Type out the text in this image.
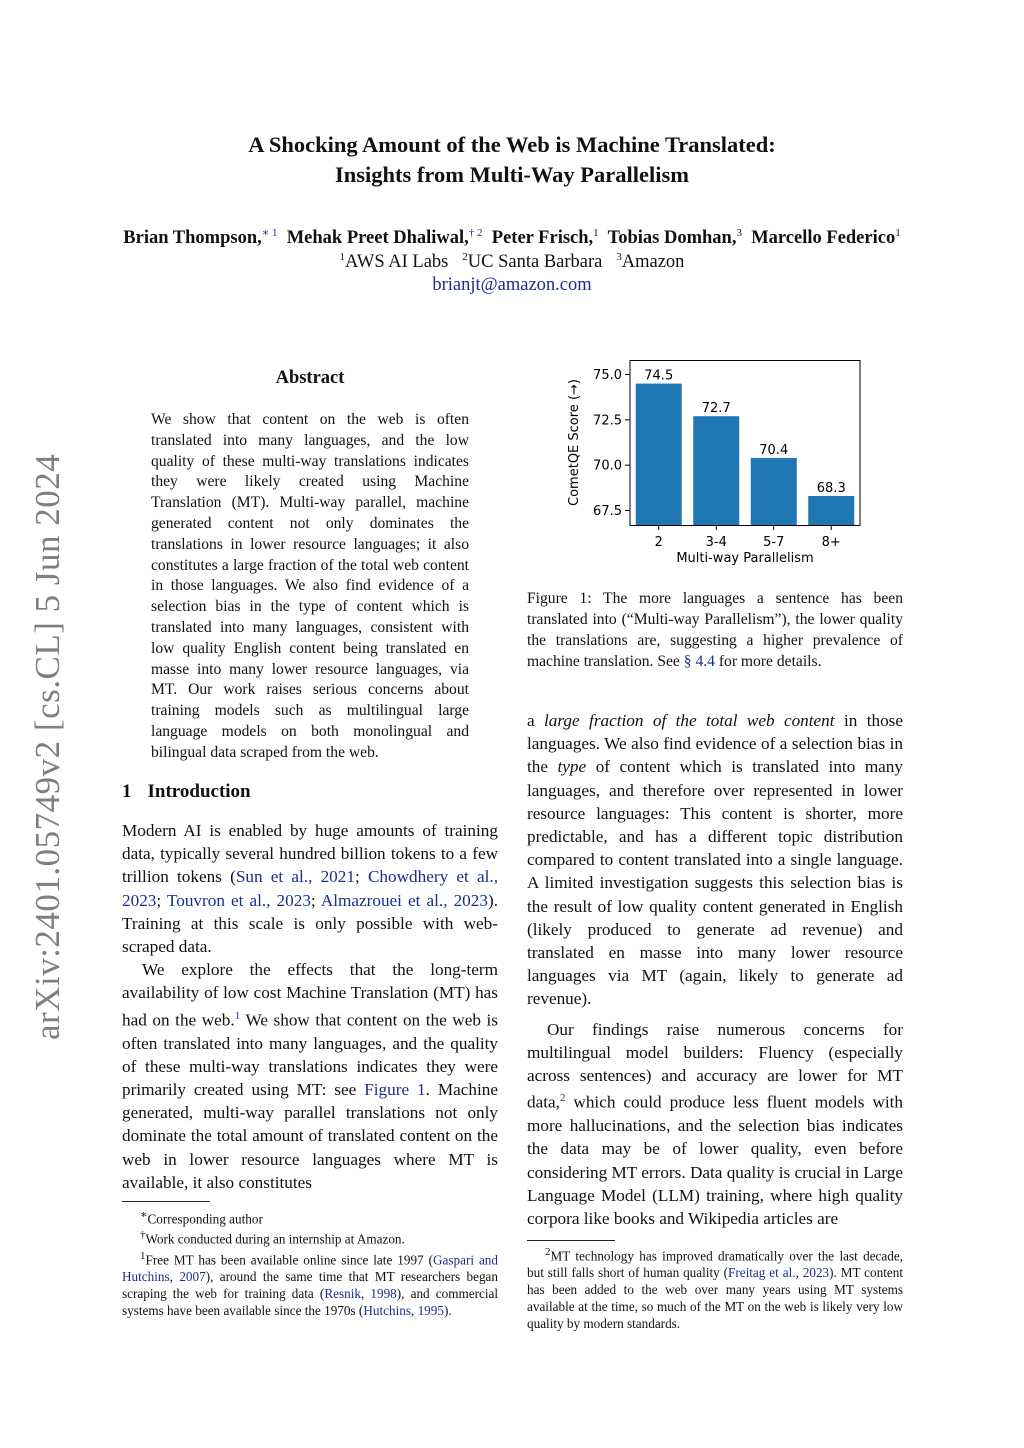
A Shocking Amount of the Web is Machine Translated:
Insights from Multi-Way Parallelism
Brian Thompson,$^{∗ 1}$ Mehak Preet Dhaliwal,$^{\dagger 2}$ Peter Frisch,$^1$ Tobias Domhan,$^3$ Marcello Federico$^1$
$^1$AWS AI Labs $^2$UC Santa Barbara $^3$Amazon
brianjt@amazon.com
arXiv:2401.05749v2 [cs.CL] 5 Jun 2024
Abstract
We show that content on the web is often translated into many languages, and the low quality of these multi-way translations indicates they were likely created using Machine Translation (MT). Multi-way parallel, machine generated content not only dominates the translations in lower resource languages; it also constitutes a large fraction of the total web content in those languages. We also find evidence of a selection bias in the type of content which is translated into many languages, consistent with low quality English content being translated en masse into many lower resource languages, via MT. Our work raises serious concerns about training models such as multilingual large language models on both monolingual and bilingual data scraped from the web.
1 Introduction

Modern AI is enabled by huge amounts of training data, typically several hundred billion tokens to a few trillion tokens (Sun et al., 2021; Chowdhery et al., 2023; Touvron et al., 2023; Almazrouei et al., 2023). Training at this scale is only possible with web-scraped data.

We explore the effects that the long-term availability of low cost Machine Translation (MT) has had on the web.$^1$ We show that content on the web is often translated into many languages, and the quality of these multi-way translations indicates they were primarily created using MT: see Figure 1. Machine generated, multi-way parallel translations not only dominate the total amount of translated content on the web in lower resource languages where MT is available, it also constitutes

∗Corresponding author

†Work conducted during an internship at Amazon.

$^1$Free MT has been available online since late 1997 (Gaspari and Hutchins, 2007), around the same time that MT researchers began scraping the web for training data (Resnik, 1998), and commercial systems have been available since the 1970s (Hutchins, 1995).

74.5
2
72.7
3-4
70.4
5-7
68.3
8+
67.5
70.0
72.5
75.0
Multi-way Parallelism
CometQE Score (→)
Figure 1: The more languages a sentence has been translated into (“Multi-way Parallelism”), the lower quality the translations are, suggesting a higher prevalence of machine translation. See § 4.4 for more details.

a large fraction of the total web content in those languages. We also find evidence of a selection bias in the type of content which is translated into many languages, and therefore over represented in lower resource languages: This content is shorter, more predictable, and has a different topic distribution compared to content translated into a single language. A limited investigation suggests this selection bias is the result of low quality content generated in English (likely produced to generate ad revenue) and translated en masse into many lower resource languages via MT (again, likely to generate ad revenue).

Our findings raise numerous concerns for multilingual model builders: Fluency (especially across sentences) and accuracy are lower for MT data,$^2$ which could produce less fluent models with more hallucinations, and the selection bias indicates the data may be of lower quality, even before considering MT errors. Data quality is crucial in Large Language Model (LLM) training, where high quality corpora like books and Wikipedia articles are

$^2$MT technology has improved dramatically over the last decade, but still falls short of human quality (Freitag et al., 2023). MT content has been added to the web over many years using MT systems available at the time, so much of the MT on the web is likely very low quality by modern standards.
